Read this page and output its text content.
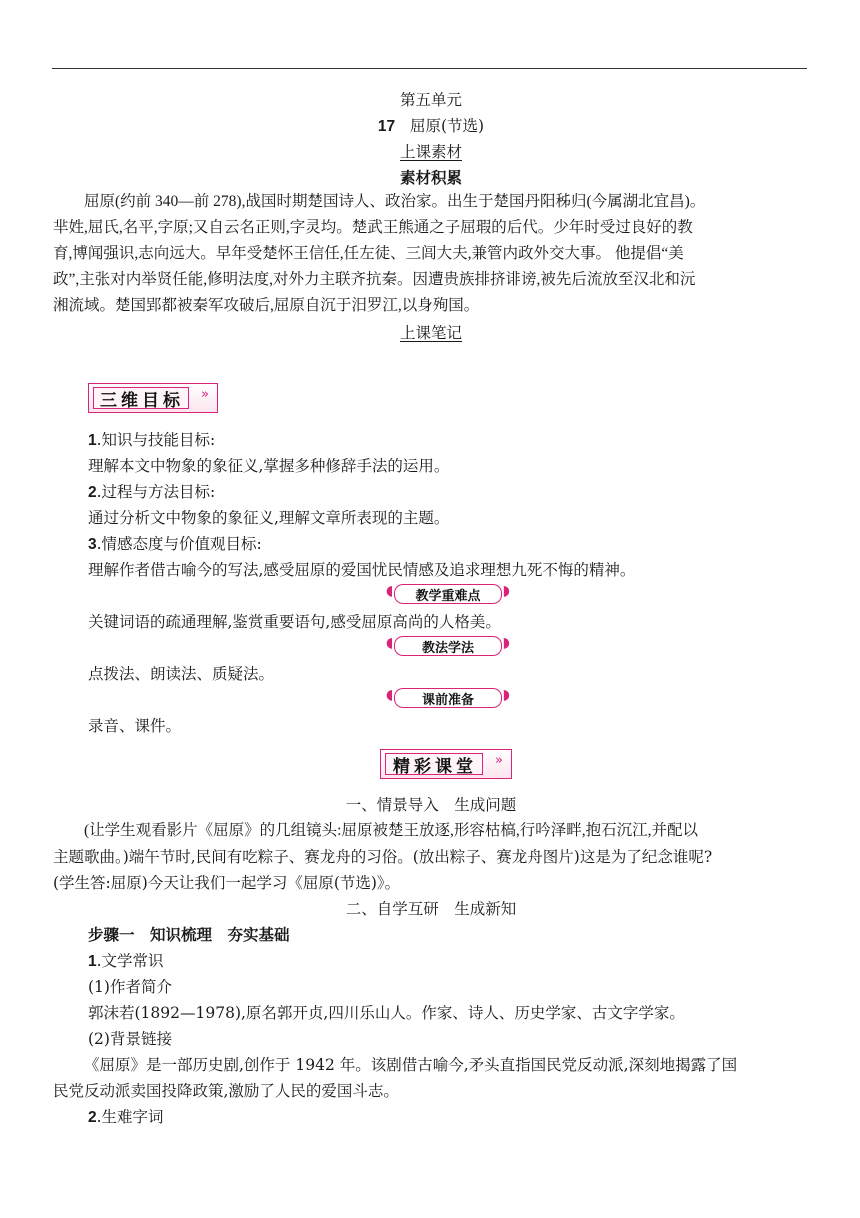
第五单元
17 屈原(节选)
上课素材
素材积累
屈原(约前 340—前 278),战国时期楚国诗人、政治家。出生于楚国丹阳秭归(今属湖北宜昌)。
芈姓,屈氏,名平,字原;又自云名正则,字灵均。楚武王熊通之子屈瑕的后代。少年时受过良好的教
育,博闻强识,志向远大。早年受楚怀王信任,任左徒、三闾大夫,兼管内政外交大事。 他提倡“美
政”,主张对内举贤任能,修明法度,对外力主联齐抗秦。因遭贵族排挤诽谤,被先后流放至汉北和沅
湘流域。楚国郢都被秦军攻破后,屈原自沉于汨罗江,以身殉国。
上课笔记
三维目标 »
1.知识与技能目标:
理解本文中物象的象征义,掌握多种修辞手法的运用。
2.过程与方法目标:
通过分析文中物象的象征义,理解文章所表现的主题。
3.情感态度与价值观目标:
理解作者借古喻今的写法,感受屈原的爱国忧民情感及追求理想九死不悔的精神。
◖ 教学重难点 ◗
关键词语的疏通理解,鉴赏重要语句,感受屈原高尚的人格美。
◖ 教法学法 ◗
点拨法、朗读法、质疑法。
◖ 课前准备 ◗
录音、课件。
精彩课堂 »
一、情景导入　生成问题
(让学生观看影片《屈原》的几组镜头:屈原被楚王放逐,形容枯槁,行吟泽畔,抱石沉江,并配以
主题歌曲。)端午节时,民间有吃粽子、赛龙舟的习俗。(放出粽子、赛龙舟图片)这是为了纪念谁呢?
(学生答:屈原)今天让我们一起学习《屈原(节选)》。
二、自学互研　生成新知
步骤一　知识梳理　夯实基础
1.文学常识
(1)作者简介
郭沫若(1892—1978),原名郭开贞,四川乐山人。作家、诗人、历史学家、古文字学家。
(2)背景链接
《屈原》是一部历史剧,创作于 1942 年。该剧借古喻今,矛头直指国民党反动派,深刻地揭露了国
民党反动派卖国投降政策,激励了人民的爱国斗志。
2.生难字词
